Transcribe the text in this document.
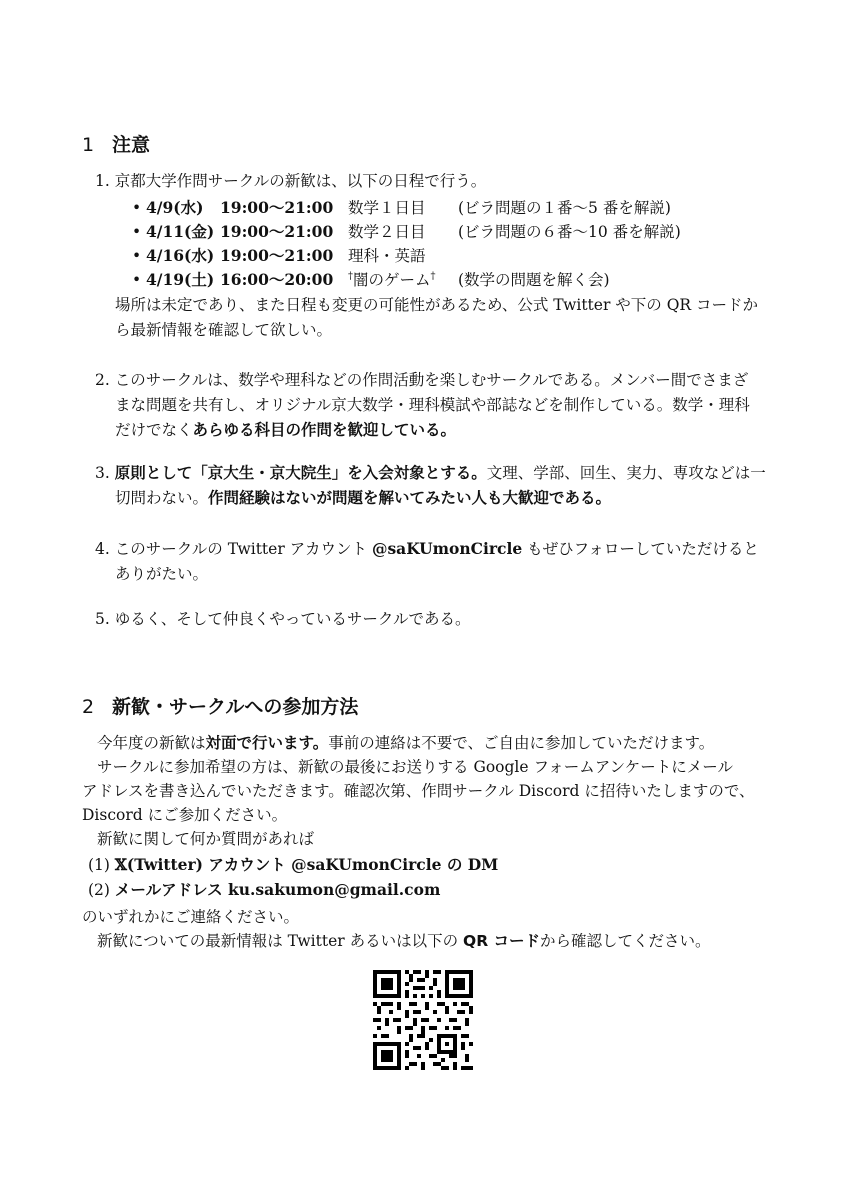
1 注意
1. 京都大学作問サークルの新歓は、以下の日程で行う。
• 4/9(水) 19:00〜21:00 数学１日目 (ビラ問題の１番〜5 番を解説)
• 4/11(金) 19:00〜21:00 数学２日目 (ビラ問題の６番〜10 番を解説)
• 4/16(水) 19:00〜21:00 理科・英語
• 4/19(土) 16:00〜20:00 †闇のゲーム† (数学の問題を解く会)
場所は未定であり、また日程も変更の可能性があるため、公式 Twitter や下の QR コードか
ら最新情報を確認して欲しい。
2. このサークルは、数学や理科などの作問活動を楽しむサークルである。メンバー間でさまざ
まな問題を共有し、オリジナル京大数学・理科模試や部誌などを制作している。数学・理科
だけでなくあらゆる科目の作問を歓迎している。
3. 原則として「京大生・京大院生」を入会対象とする。文理、学部、回生、実力、専攻などは一
切問わない。作問経験はないが問題を解いてみたい人も大歓迎である。
4. このサークルの Twitter アカウント @saKUmonCircle もぜひフォローしていただけると
ありがたい。
5. ゆるく、そして仲良くやっているサークルである。
2 新歓・サークルへの参加方法
今年度の新歓は対面で行います。事前の連絡は不要で、ご自由に参加していただけます。
サークルに参加希望の方は、新歓の最後にお送りする Google フォームアンケートにメール
アドレスを書き込んでいただきます。確認次第、作問サークル Discord に招待いたしますので、
Discord にご参加ください。
新歓に関して何か質問があれば
(1) 𝕏(Twitter) アカウント @saKUmonCircle の DM
(2) メールアドレス ku.sakumon@gmail.com
のいずれかにご連絡ください。
新歓についての最新情報は Twitter あるいは以下の QR コードから確認してください。
